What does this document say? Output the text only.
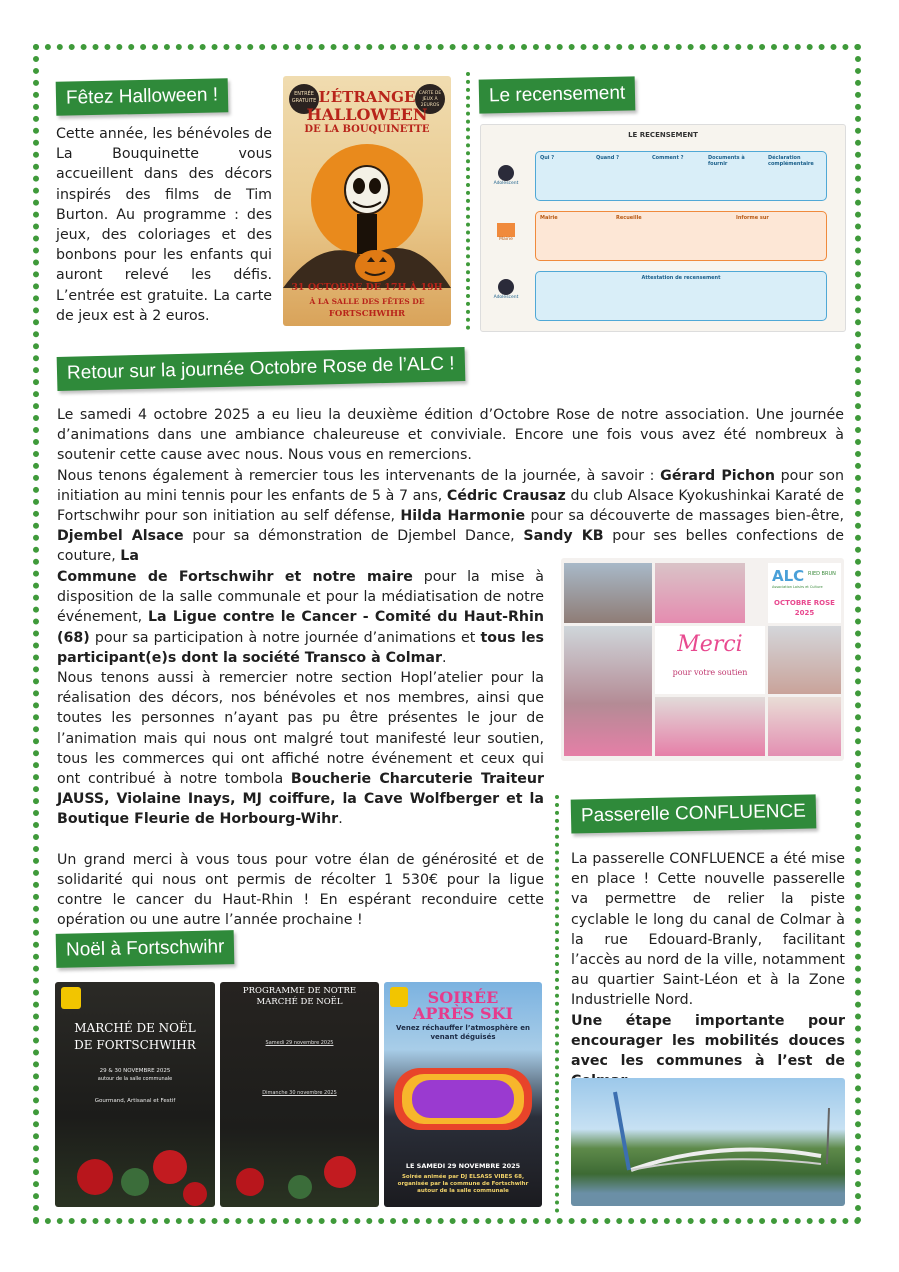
Fêtez Halloween !
Cette année, les bénévoles de La Bouquinette vous accueillent dans des décors inspirés des films de Tim Burton. Au programme : des jeux, des coloriages et des bonbons pour les enfants qui auront relevé les défis. L’entrée est gratuite. La carte de jeux est à 2 euros.
ENTRÉE GRATUITE
CARTE DE JEUX À 2EUROS
L’ÉTRANGE
HALLOWEEN
DE LA BOUQUINETTE
31 OCTOBRE DE 17H À 19H
À LA SALLE DES FÊTES DE
FORTSCHWIHR
Le recensement
LE RECENSEMENT
Qui ?	Quand ?	Comment ?	Documents à fournir
Déclaration complémentaire
Mairie	Recueille	Informe sur
Attestation de recensement
Adolescent
Mairie
Adolescent
Retour sur la journée Octobre Rose de l’ALC !

Le samedi 4 octobre 2025 a eu lieu la deuxième édition d’Octobre Rose de notre association. Une journée d’animations dans une ambiance chaleureuse et conviviale. Encore une fois vous avez été nombreux à soutenir cette cause avec nous. Nous vous en remercions.

Nous tenons également à remercier tous les intervenants de la journée, à savoir : Gérard Pichon pour son initiation au mini tennis pour les enfants de 5 à 7 ans, Cédric Crausaz du club Alsace Kyokushinkai Karaté de Fortschwihr pour son initiation au self défense, Hilda Harmonie pour sa découverte de massages bien-être, Djembel Alsace pour sa démonstration de Djembel Dance, Sandy KB pour ses belles confections de couture, La

Commune de Fortschwihr et notre maire pour la mise à disposition de la salle communale et pour la médiatisation de notre événement, La Ligue contre le Cancer - Comité du Haut-Rhin (68) pour sa participation à notre journée d’animations et tous les participant(e)s dont la société Transco à Colmar.

Nous tenons aussi à remercier notre section Hopl’atelier pour la réalisation des décors, nos bénévoles et nos membres, ainsi que toutes les personnes n’ayant pas pu être présentes le jour de l’animation mais qui nous ont malgré tout manifesté leur soutien, tous les commerces qui ont affiché notre événement et ceux qui ont contribué à notre tombola Boucherie Charcuterie Traiteur JAUSS, Violaine Inays, MJ coiffure, la Cave Wolfberger et la Boutique Fleurie de Horbourg-Wihr.

Un grand merci à vous tous pour votre élan de générosité et de solidarité qui nous ont permis de récolter 1 530€ pour la ligue contre le cancer du Haut-Rhin ! En espérant reconduire cette opération ou une autre l’année prochaine !

Merci
pour votre soutien
ALC RIED BRUN
Association Loisirs et Culture
OCTOBRE ROSE
2025
Passerelle CONFLUENCE

La passerelle CONFLUENCE a été mise en place ! Cette nouvelle passerelle va permettre de relier la piste cyclable le long du canal de Colmar à la rue Edouard-Branly, facilitant l’accès au nord de la ville, notamment au quartier Saint-Léon et à la Zone Industrielle Nord.

Une étape importante pour encourager les mobilités douces avec les communes à l’est de

Noël à Fortschwihr
MARCHÉ DE NOËL DE FORTSCHWIHR
29 & 30 NOVEMBRE 2025
autour de la salle communale
Gourmand, Artisanal et Festif
PROGRAMME DE NOTRE MARCHÉ DE NOËL
Samedi 29 novembre 2025
Dimanche 30 novembre 2025
SOIRÉE
APRÈS SKI
Venez réchauffer l’atmosphère en venant déguisés
LE SAMEDI 29 NOVEMBRE 2025
Soirée animée par DJ ELSASS VIBES 68, organisée par la commune de Fortschwihr autour de la salle communale
